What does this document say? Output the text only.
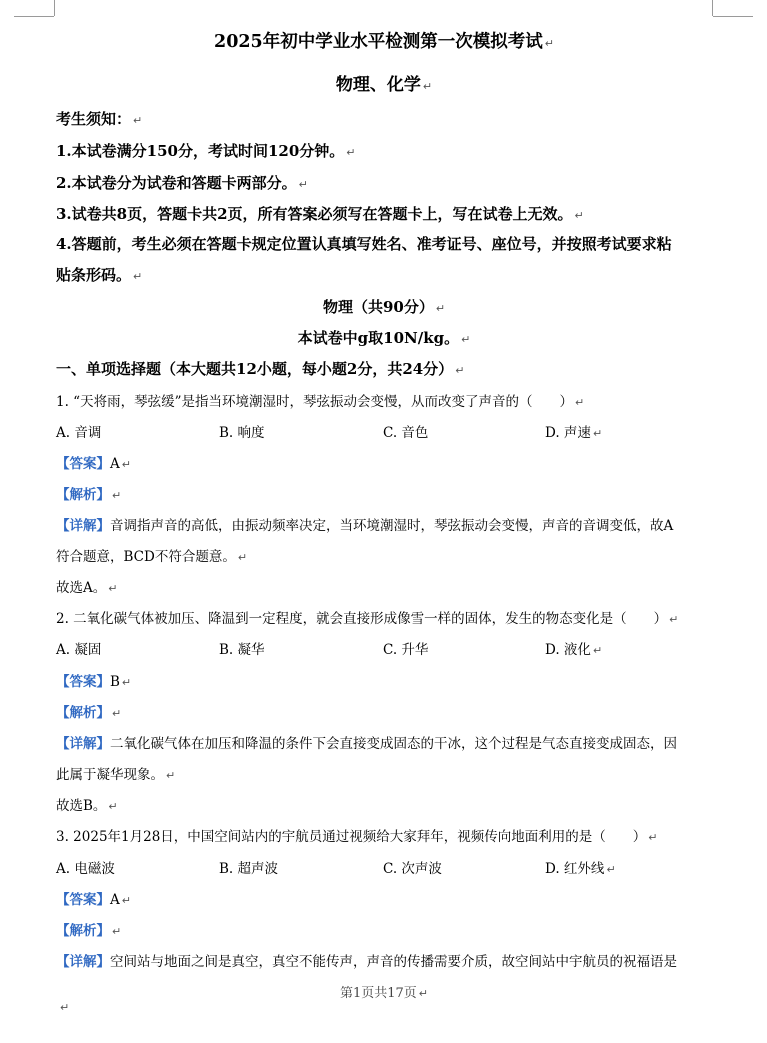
2025年初中学业水平检测第一次模拟考试 ↵
物理、化学 ↵
考生须知： ↵
1.本试卷满分150分，考试时间120分钟。 ↵
2.本试卷分为试卷和答题卡两部分。 ↵
3.试卷共8页，答题卡共2页，所有答案必须写在答题卡上，写在试卷上无效。 ↵
4.答题前，考生必须在答题卡规定位置认真填写姓名、准考证号、座位号，并按照考试要求粘
贴条形码。 ↵
物理（共90分） ↵
本试卷中g取10N/kg。 ↵
一、单项选择题（本大题共12小题，每小题2分，共24分） ↵
1. “天将雨，琴弦缓”是指当环境潮湿时，琴弦振动会变慢，从而改变了声音的（　　） ↵
A. 音调	B. 响度	C. 音色	D. 声速 ↵
【答案】A ↵
【解析】 ↵
【详解】音调指声音的高低，由振动频率决定，当环境潮湿时，琴弦振动会变慢，声音的音调变低，故A
符合题意，BCD不符合题意。 ↵
故选A。 ↵
2. 二氧化碳气体被加压、降温到一定程度，就会直接形成像雪一样的固体，发生的物态变化是（　　） ↵
A. 凝固	B. 凝华	C. 升华	D. 液化 ↵
【答案】B ↵
【解析】 ↵
【详解】二氧化碳气体在加压和降温的条件下会直接变成固态的干冰，这个过程是气态直接变成固态，因
此属于凝华现象。 ↵
故选B。 ↵
3. 2025年1月28日，中国空间站内的宇航员通过视频给大家拜年，视频传向地面利用的是（　　） ↵
A. 电磁波	B. 超声波	C. 次声波	D. 红外线 ↵
【答案】A ↵
【解析】 ↵
【详解】空间站与地面之间是真空，真空不能传声，声音的传播需要介质，故空间站中宇航员的祝福语是
第1页共17页 ↵
↵
